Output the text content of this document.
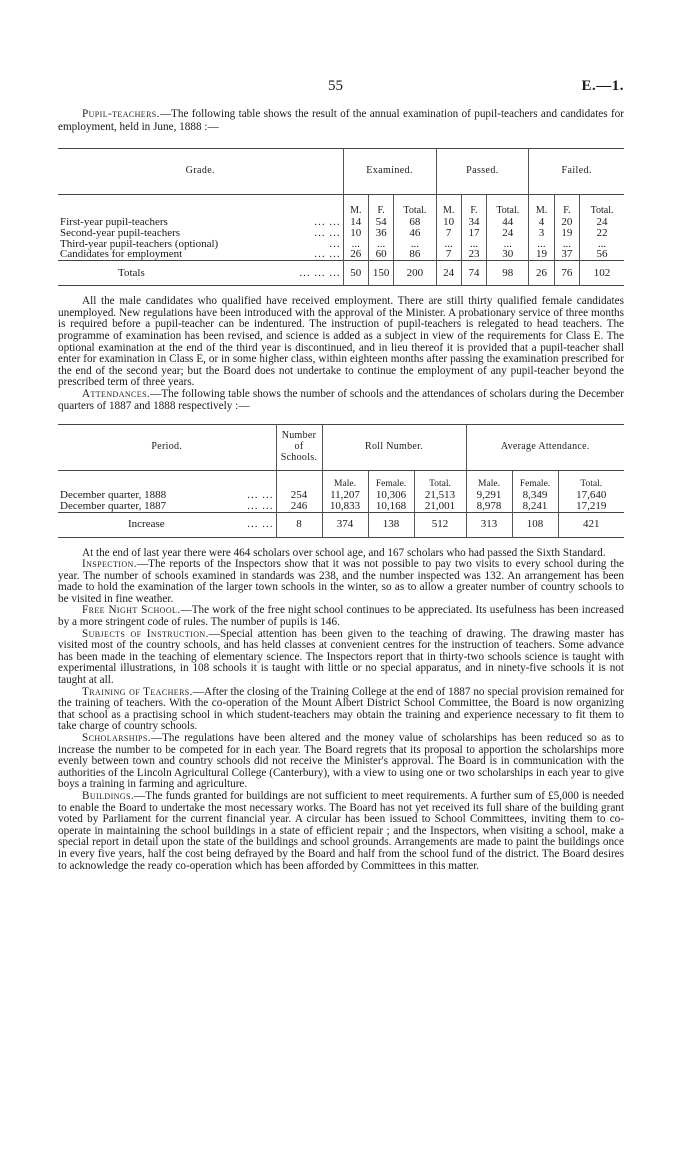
55	E.—1.
Pupil-teachers.—The following table shows the result of the annual examination of pupil-teachers and candidates for employment, held in June, 1888 :—
Grade.	Examined.			Passed.			Failed.		
	M.	F.	Total.	M.	F.	Total.	M.	F.	Total.
First-year pupil-teachers ... ...	14	54	68	10	34	44	4	20	24
Second-year pupil-teachers ... ...	10	36	46	7	17	24	3	19	22
Third-year pupil-teachers (optional) ...	...	...	...	...	...	...	...	...	...
Candidates for employment ... ...	26	60	86	7	23	30	19	37	56
Totals ... ... ...	50	150	200	24	74	98	26	76	102

All the male candidates who qualified have received employment. There are still thirty qualified female candidates unemployed. New regulations have been introduced with the approval of the Minister. A probationary service of three months is required before a pupil-teacher can be indentured. The instruction of pupil-teachers is relegated to head teachers. The programme of examination has been revised, and science is added as a subject in view of the requirements for Class E. The optional examination at the end of the third year is discontinued, and in lieu thereof it is provided that a pupil-teacher shall enter for examination in Class E, or in some higher class, within eighteen months after passing the examination prescribed for the end of the second year; but the Board does not undertake to continue the employment of any pupil-teacher beyond the prescribed term of three years.

Attendances.—The following table shows the number of schools and the attendances of scholars during the December quarters of 1887 and 1888 respectively :—

Period.	Number of Schools.	Roll Number.			Average Attendance.		
		Male.	Female.	Total.	Male.	Female.	Total.
December quarter, 1888 ... ...	254	11,207	10,306	21,513	9,291	8,349	17,640
December quarter, 1887 ... ...	246	10,833	10,168	21,001	8,978	8,241	17,219
Increase ... ...	8	374	138	512	313	108	421

At the end of last year there were 464 scholars over school age, and 167 scholars who had passed the Sixth Standard.

Inspection.—The reports of the Inspectors show that it was not possible to pay two visits to every school during the year. The number of schools examined in standards was 238, and the number inspected was 132. An arrangement has been made to hold the examination of the larger town schools in the winter, so as to allow a greater number of country schools to be visited in fine weather.

Free Night School.—The work of the free night school continues to be appreciated. Its usefulness has been increased by a more stringent code of rules. The number of pupils is 146.

Subjects of Instruction.—Special attention has been given to the teaching of drawing. The drawing master has visited most of the country schools, and has held classes at convenient centres for the instruction of teachers. Some advance has been made in the teaching of elementary science. The Inspectors report that in thirty-two schools science is taught with experimental illustrations, in 108 schools it is taught with little or no special apparatus, and in ninety-five schools it is not taught at all.

Training of Teachers.—After the closing of the Training College at the end of 1887 no special provision remained for the training of teachers. With the co-operation of the Mount Albert District School Committee, the Board is now organizing that school as a practising school in which student-teachers may obtain the training and experience necessary to fit them to take charge of country schools.

Scholarships.—The regulations have been altered and the money value of scholarships has been reduced so as to increase the number to be competed for in each year. The Board regrets that its proposal to apportion the scholarships more evenly between town and country schools did not receive the Minister's approval. The Board is in communication with the authorities of the Lincoln Agricultural College (Canterbury), with a view to using one or two scholarships in each year to give boys a training in farming and agriculture.

Buildings.—The funds granted for buildings are not sufficient to meet requirements. A further sum of £5,000 is needed to enable the Board to undertake the most necessary works. The Board has not yet received its full share of the building grant voted by Parliament for the current financial year. A circular has been issued to School Committees, inviting them to co-operate in maintaining the school buildings in a state of efficient repair ; and the Inspectors, when visiting a school, make a special report in detail upon the state of the buildings and school grounds. Arrangements are made to paint the buildings once in every five years, half the cost being defrayed by the Board and half from the school fund of the district. The Board desires to acknowledge the ready co-operation which has been afforded by Committees in this matter.
